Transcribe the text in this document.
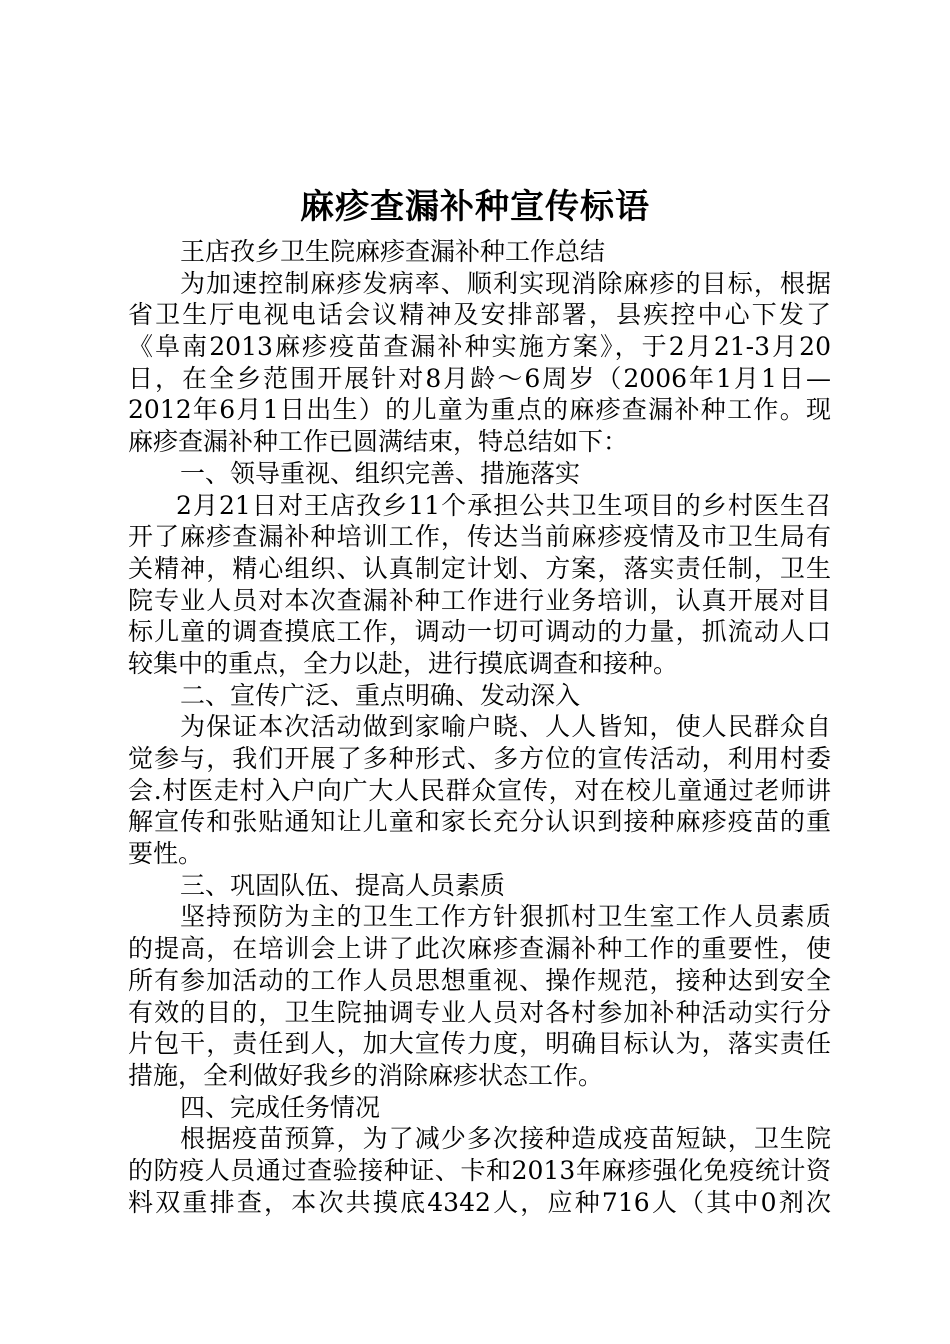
麻疹查漏补种宣传标语
王店孜乡卫生院麻疹查漏补种工作总结
为加速控制麻疹发病率、顺利实现消除麻疹的目标，根据
省卫生厅电视电话会议精神及安排部署，县疾控中心下发了
《阜南2013麻疹疫苗查漏补种实施方案》，于2月21-3月20
日，在全乡范围开展针对8月龄～6周岁（2006年1月1日—
2012年6月1日出生）的儿童为重点的麻疹查漏补种工作。现
麻疹查漏补种工作已圆满结束，特总结如下：
一、领导重视、组织完善、措施落实
2月21日对王店孜乡11个承担公共卫生项目的乡村医生召
开了麻疹查漏补种培训工作，传达当前麻疹疫情及市卫生局有
关精神，精心组织、认真制定计划、方案，落实责任制，卫生
院专业人员对本次查漏补种工作进行业务培训，认真开展对目
标儿童的调查摸底工作，调动一切可调动的力量，抓流动人口
较集中的重点，全力以赴，进行摸底调查和接种。
二、宣传广泛、重点明确、发动深入
为保证本次活动做到家喻户晓、人人皆知，使人民群众自
觉参与，我们开展了多种形式、多方位的宣传活动，利用村委
会.村医走村入户向广大人民群众宣传，对在校儿童通过老师讲
解宣传和张贴通知让儿童和家长充分认识到接种麻疹疫苗的重
要性。
三、巩固队伍、提高人员素质
坚持预防为主的卫生工作方针狠抓村卫生室工作人员素质
的提高，在培训会上讲了此次麻疹查漏补种工作的重要性，使
所有参加活动的工作人员思想重视、操作规范，接种达到安全
有效的目的，卫生院抽调专业人员对各村参加补种活动实行分
片包干，责任到人，加大宣传力度，明确目标认为，落实责任
措施，全利做好我乡的消除麻疹状态工作。
四、完成任务情况
根据疫苗预算，为了减少多次接种造成疫苗短缺，卫生院
的防疫人员通过查验接种证、卡和2013年麻疹强化免疫统计资
料双重排查，本次共摸底4342人，应种716人（其中0剂次
